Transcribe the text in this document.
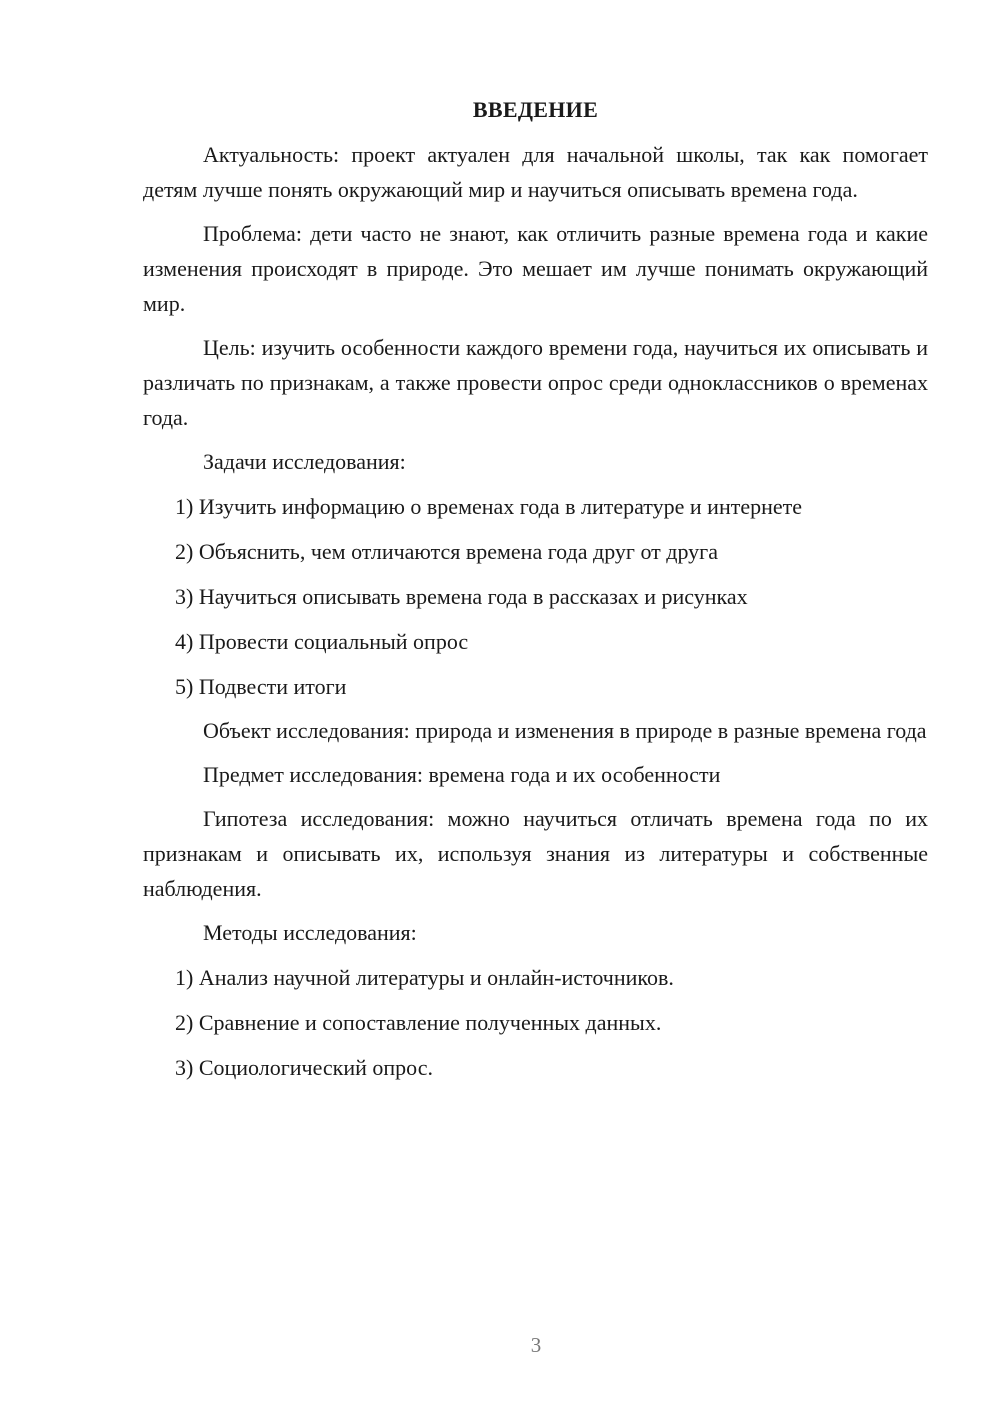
ВВЕДЕНИЕ

Актуальность: проект актуален для начальной школы, так как помогает детям лучше понять окружающий мир и научиться описывать времена года.

Проблема: дети часто не знают, как отличить разные времена года и какие изменения происходят в природе. Это мешает им лучше понимать окружающий мир.

Цель: изучить особенности каждого времени года, научиться их описывать и различать по признакам, а также провести опрос среди одноклассников о временах года.

Задачи исследования:

1) Изучить информацию о временах года в литературе и интернете

2) Объяснить, чем отличаются времена года друг от друга

3) Научиться описывать времена года в рассказах и рисунках

4) Провести социальный опрос

5) Подвести итоги

Объект исследования: природа и изменения в природе в разные времена года

Предмет исследования: времена года и их особенности

Гипотеза исследования: можно научиться отличать времена года по их признакам и описывать их, используя знания из литературы и собственные наблюдения.

Методы исследования:

1) Анализ научной литературы и онлайн-источников.

2) Сравнение и сопоставление полученных данных.

3) Социологический опрос.

3
